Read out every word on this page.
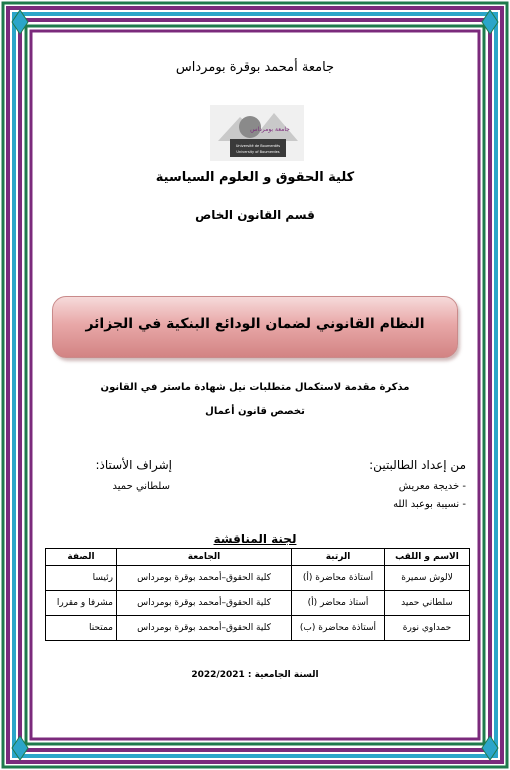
جامعة أمحمد بوقرة بومرداس
جامعة بومرداس
Université de Boumerdès
University of Boumerdes
كلية الحقوق و العلوم السياسية
قسم القانون الخاص
النظام القانوني لضمان الودائع البنكية في الجزائر
مذكرة مقدمة لاستكمال متطلبات نيل شهادة ماستر في القانون
تخصص قانون أعمال
من إعداد الطالبتين:
إشراف الأستاذ:
- خديجة معريش
- نسيبة بوعبد الله
سلطاني حميد
لجنة المناقشة
الاسم و اللقب	الرتبة	الجامعة	الصفة
لالوش سميرة	أستاذة محاضرة (أ)	كلية الحقوق–أمحمد بوقرة بومرداس	رئيسا
سلطاني حميد	أستاذ محاضر (أ)	كلية الحقوق–أمحمد بوقرة بومرداس	مشرفا و مقررا
حمداوي نورة	أستاذة محاضرة (ب)	كلية الحقوق–أمحمد بوقرة بومرداس	ممتحنا
السنة الجامعية : 2022/2021
